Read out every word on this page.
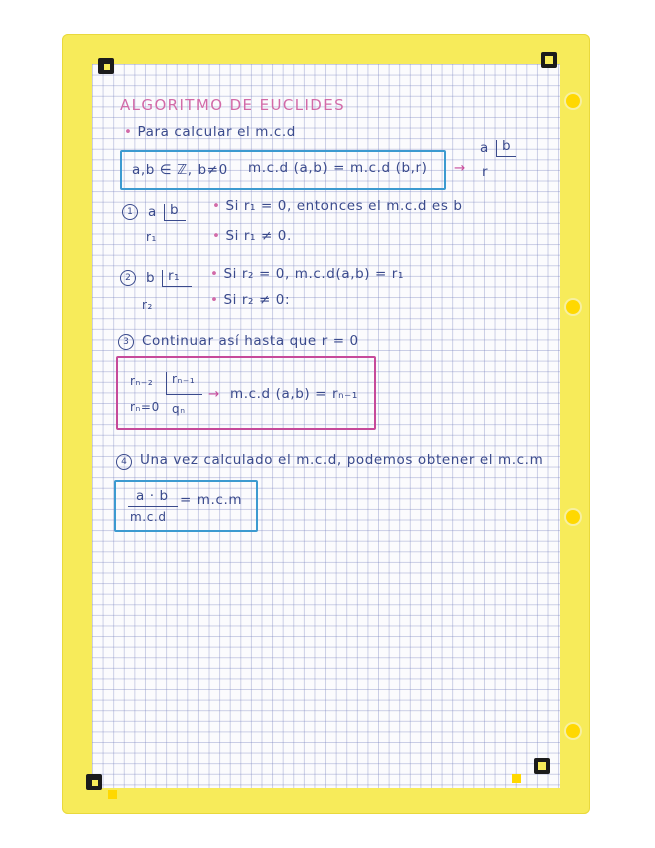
ALGORITMO DE EUCLIDES
• Para calcular el m.c.d
a,b ∈ ℤ, b≠0 m.c.d (a,b) = m.c.d (b,r) →
a b
r
1	a b
r₁
• Si r₁ = 0, entonces el m.c.d es b
• Si r₁ ≠ 0.
2	b r₁
r₂
• Si r₂ = 0, m.c.d(a,b) = r₁
• Si r₂ ≠ 0:
3 Continuar así hasta que r = 0
rₙ₋₂ rₙ₋₁
rₙ=0 qₙ
→ m.c.d (a,b) = rₙ₋₁
4 Una vez calculado el m.c.d, podemos obtener el m.c.m
a · b
m.c.d
= m.c.m
